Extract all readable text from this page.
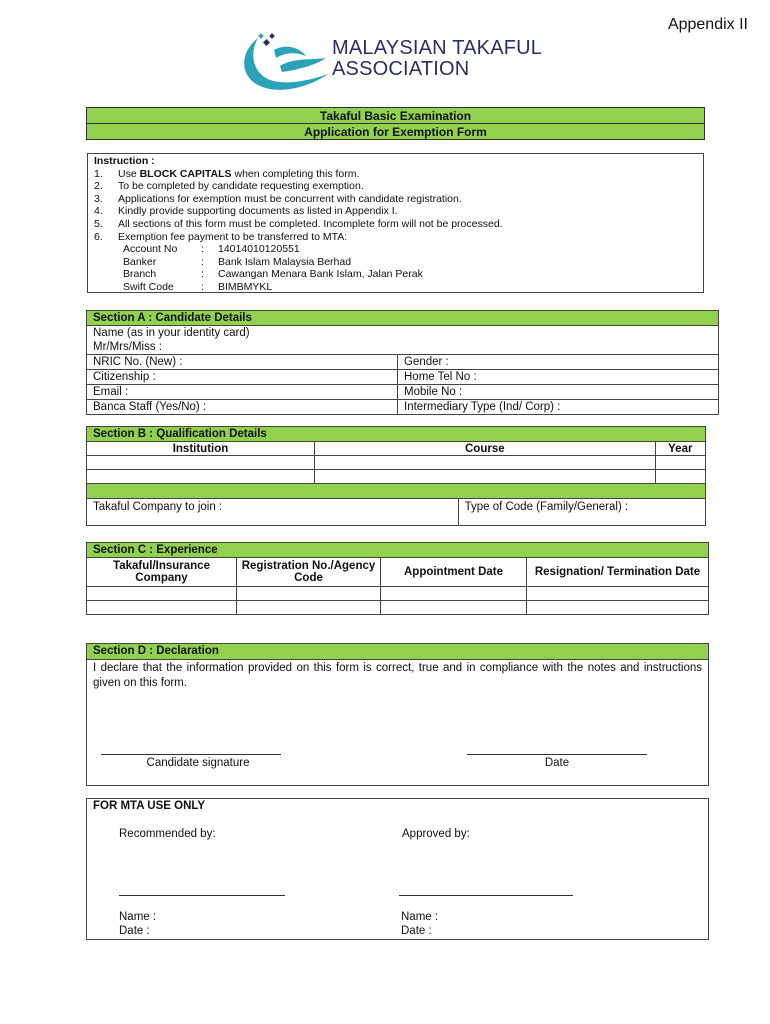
Appendix II
MALAYSIAN TAKAFUL
ASSOCIATION
Takaful Basic Examination
Application for Exemption Form
Instruction :
1.	Use BLOCK CAPITALS when completing this form.
2.	To be completed by candidate requesting exemption.
3.	Applications for exemption must be concurrent with candidate registration.
4.	Kindly provide supporting documents as listed in Appendix I.
5.	All sections of this form must be completed. Incomplete form will not be processed.
6.	Exemption fee payment to be transferred to MTA:
Account No	:	14014010120551
Banker	:	Bank Islam Malaysia Berhad
Branch	:	Cawangan Menara Bank Islam, Jalan Perak
Swift Code	:	BIMBMYKL
Section A : Candidate Details	
Name (as in your identity card)	
Mr/Mrs/Miss :	
NRIC No. (New) :	Gender :
Citizenship :	Home Tel No :
Email :	Mobile No :
Banca Staff (Yes/No) :	Intermediary Type (Ind/ Corp) :
Section B : Qualification Details			
Institution	Course		Year

Takaful Company to join :		Type of Code (Family/General) :	
Section C : Experience			
Takaful/Insurance Company	Registration No./Agency Code	Appointment Date	Resignation/ Termination Date

Section D : Declaration
I declare that the information provided on this form is correct, true and in compliance with the notes and instructions given on this form.
Candidate signature	Date
FOR MTA USE ONLY
Recommended by:	Approved by:
Name :
Date :
Name :
Date :
